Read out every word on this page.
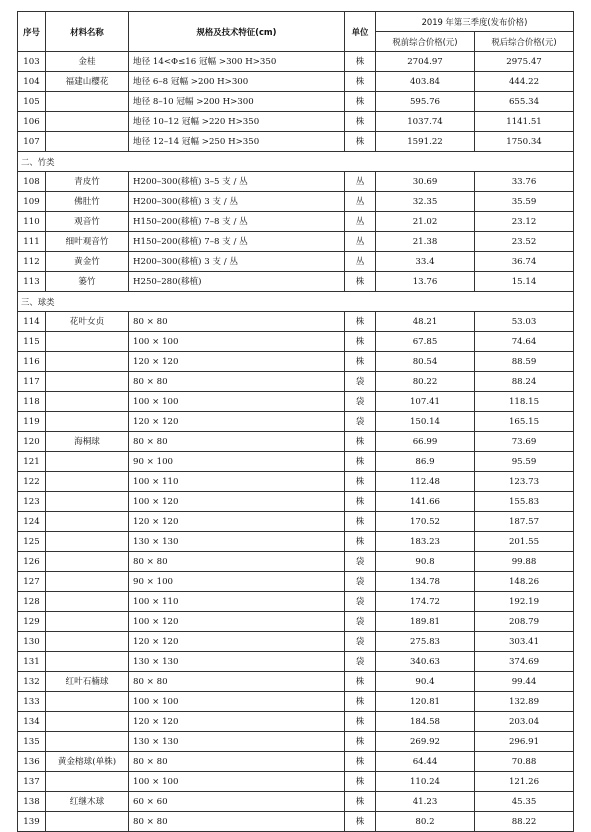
序号	材料名称	规格及技术特征(cm)	单位	2019 年第三季度(发布价格)	
				税前综合价格(元)	税后综合价格(元)
103	金桂	地径 14<Φ≤16 冠幅 >300 H>350	株	2704.97	2975.47
104	福建山樱花	地径 6–8 冠幅 >200 H>300	株	403.84	444.22
105		地径 8–10 冠幅 >200 H>300	株	595.76	655.34
106		地径 10–12 冠幅 >220 H>350	株	1037.74	1141.51
107		地径 12–14 冠幅 >250 H>350	株	1591.22	1750.34
二、竹类					
108	青皮竹	H200–300(移植) 3–5 支 / 丛	丛	30.69	33.76
109	佛肚竹	H200–300(移植) 3 支 / 丛	丛	32.35	35.59
110	观音竹	H150–200(移植) 7–8 支 / 丛	丛	21.02	23.12
111	细叶观音竹	H150–200(移植) 7–8 支 / 丛	丛	21.38	23.52
112	黄金竹	H200–300(移植) 3 支 / 丛	丛	33.4	36.74
113	篓竹	H250–280(移植)	株	13.76	15.14
三、球类					
114	花叶女贞	80 × 80	株	48.21	53.03
115		100 × 100	株	67.85	74.64
116		120 × 120	株	80.54	88.59
117		80 × 80	袋	80.22	88.24
118		100 × 100	袋	107.41	118.15
119		120 × 120	袋	150.14	165.15
120	海桐球	80 × 80	株	66.99	73.69
121		90 × 100	株	86.9	95.59
122		100 × 110	株	112.48	123.73
123		100 × 120	株	141.66	155.83
124		120 × 120	株	170.52	187.57
125		130 × 130	株	183.23	201.55
126		80 × 80	袋	90.8	99.88
127		90 × 100	袋	134.78	148.26
128		100 × 110	袋	174.72	192.19
129		100 × 120	袋	189.81	208.79
130		120 × 120	袋	275.83	303.41
131		130 × 130	袋	340.63	374.69
132	红叶石楠球	80 × 80	株	90.4	99.44
133		100 × 100	株	120.81	132.89
134		120 × 120	株	184.58	203.04
135		130 × 130	株	269.92	296.91
136	黄金榕球(单株)	80 × 80	株	64.44	70.88
137		100 × 100	株	110.24	121.26
138	红继木球	60 × 60	株	41.23	45.35
139		80 × 80	株	80.2	88.22
